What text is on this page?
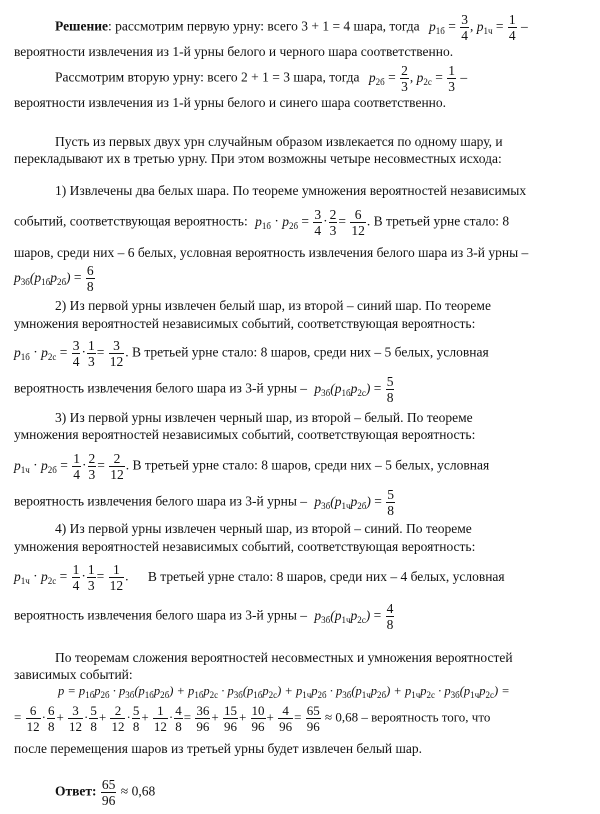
Решение: рассмотрим первую урну: всего 3 + 1 = 4 шара, тогда $p_{1б} = \frac{3}{4}$ , $p_{1ч} = \frac{1}{4}$ –
вероятности извлечения из 1-й урны белого и черного шара соответственно.
Рассмотрим вторую урну: всего 2 + 1 = 3 шара, тогда $p_{2б} = \frac{2}{3}$ , $p_{2с} = \frac{1}{3}$ –
вероятности извлечения из 1-й урны белого и синего шара соответственно.
Пусть из первых двух урн случайным образом извлекается по одному шару, и
перекладывают их в третью урну. При этом возможны четыре несовместных исхода:
1) Извлечены два белых шара. По теореме умножения вероятностей независимых
событий, соответствующая вероятность: $p_{1б} \cdot p_{2б} = \frac{3}{4} \cdot \frac{2}{3} = \frac{6}{12}$ . В третьей урне стало: 8
шаров, среди них – 6 белых, условная вероятность извлечения белого шара из 3-й урны –
$p_{3б}(p_{1б}p_{2б}) = \frac{6}{8}$
2) Из первой урны извлечен белый шар, из второй – синий шар. По теореме
умножения вероятностей независимых событий, соответствующая вероятность:
$p_{1б} \cdot p_{2с} = \frac{3}{4} \cdot \frac{1}{3} = \frac{3}{12}$ . В третьей урне стало: 8 шаров, среди них – 5 белых, условная
вероятность извлечения белого шара из 3-й урны – $p_{3б}(p_{1б}p_{2с}) = \frac{5}{8}$
3) Из первой урны извлечен черный шар, из второй – белый. По теореме
умножения вероятностей независимых событий, соответствующая вероятность:
$p_{1ч} \cdot p_{2б} = \frac{1}{4} \cdot \frac{2}{3} = \frac{2}{12}$ . В третьей урне стало: 8 шаров, среди них – 5 белых, условная
вероятность извлечения белого шара из 3-й урны – $p_{3б}(p_{1ч}p_{2б}) = \frac{5}{8}$
4) Из первой урны извлечен черный шар, из второй – синий. По теореме
умножения вероятностей независимых событий, соответствующая вероятность:
$p_{1ч} \cdot p_{2с} = \frac{1}{4} \cdot \frac{1}{3} = \frac{1}{12}$ . В третьей урне стало: 8 шаров, среди них – 4 белых, условная
вероятность извлечения белого шара из 3-й урны – $p_{3б}(p_{1ч}p_{2с}) = \frac{4}{8}$
По теоремам сложения вероятностей несовместных и умножения вероятностей
зависимых событий:
$p = p_{1б}p_{2б} \cdot p_{3б}(p_{1б}p_{2б}) + p_{1б}p_{2с} \cdot p_{3б}(p_{1б}p_{2с}) + p_{1ч}p_{2б} \cdot p_{3б}(p_{1ч}p_{2б}) + p_{1ч}p_{2с} \cdot p_{3б}(p_{1ч}p_{2с})$ =
= $\frac{6}{12} \cdot \frac{6}{8} + \frac{3}{12} \cdot \frac{5}{8} + \frac{2}{12} \cdot \frac{5}{8} + \frac{1}{12} \cdot \frac{4}{8} = \frac{36}{96} + \frac{15}{96} + \frac{10}{96} + \frac{4}{96} = \frac{65}{96} \approx 0,68$ – вероятность того, что
после перемещения шаров из третьей урны будет извлечен белый шар.
Ответ: $\frac{65}{96} \approx 0,68$
